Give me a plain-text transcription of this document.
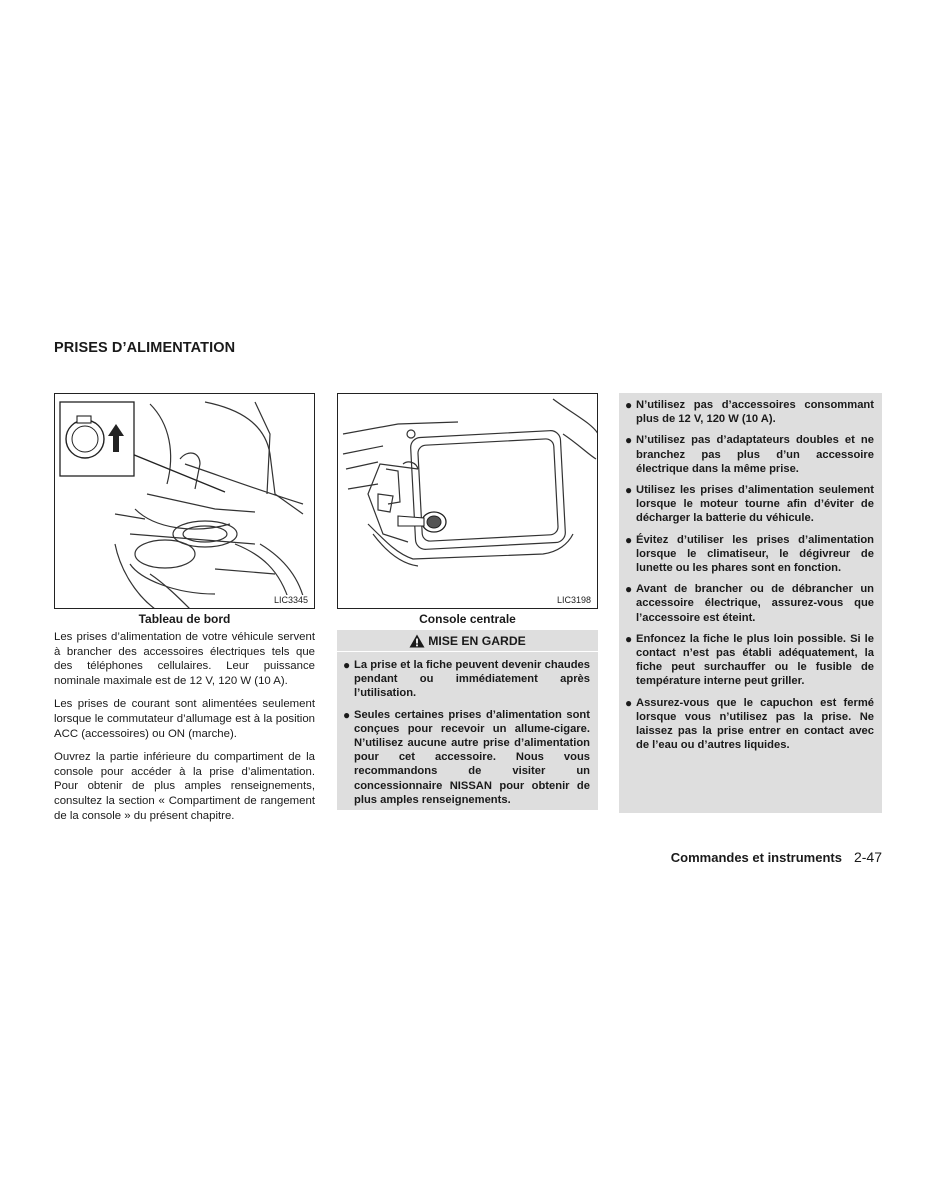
PRISES D’ALIMENTATION
LIC3345	LIC3198
Tableau de bord	Console centrale

Les prises d’alimentation de votre véhicule servent à brancher des accessoires électriques tels que des téléphones cellulaires. Leur puissance nominale maximale est de 12 V, 120 W (10 A).

Les prises de courant sont alimentées seulement lorsque le commutateur d’allumage est à la position ACC (accessoires) ou ON (marche).

Ouvrez la partie inférieure du compartiment de la console pour accéder à la prise d’alimentation. Pour obtenir de plus amples renseignements, consultez la section « Compartiment de rangement de la console » du présent chapitre.

MISE EN GARDE
● La prise et la fiche peuvent devenir chaudes pendant ou immédiatement après l’utilisation.
● Seules certaines prises d’alimentation sont conçues pour recevoir un allume-cigare. N’utilisez aucune autre prise d’alimentation pour cet accessoire. Nous vous recommandons de visiter un concessionnaire NISSAN pour obtenir de plus amples renseignements.
● N’utilisez pas d’accessoires consommant plus de 12 V, 120 W (10 A).
● N’utilisez pas d’adaptateurs doubles et ne branchez pas plus d’un accessoire électrique dans la même prise.
● Utilisez les prises d’alimentation seulement lorsque le moteur tourne afin d’éviter de décharger la batterie du véhicule.
● Évitez d’utiliser les prises d’alimentation lorsque le climatiseur, le dégivreur de lunette ou les phares sont en fonction.
● Avant de brancher ou de débrancher un accessoire électrique, assurez-vous que l’accessoire est éteint.
● Enfoncez la fiche le plus loin possible. Si le contact n’est pas établi adéquatement, la fiche peut surchauffer ou le fusible de température interne peut griller.
● Assurez-vous que le capuchon est fermé lorsque vous n’utilisez pas la prise. Ne laissez pas la prise entrer en contact avec de l’eau ou d’autres liquides.
Commandes et instruments 2-47
